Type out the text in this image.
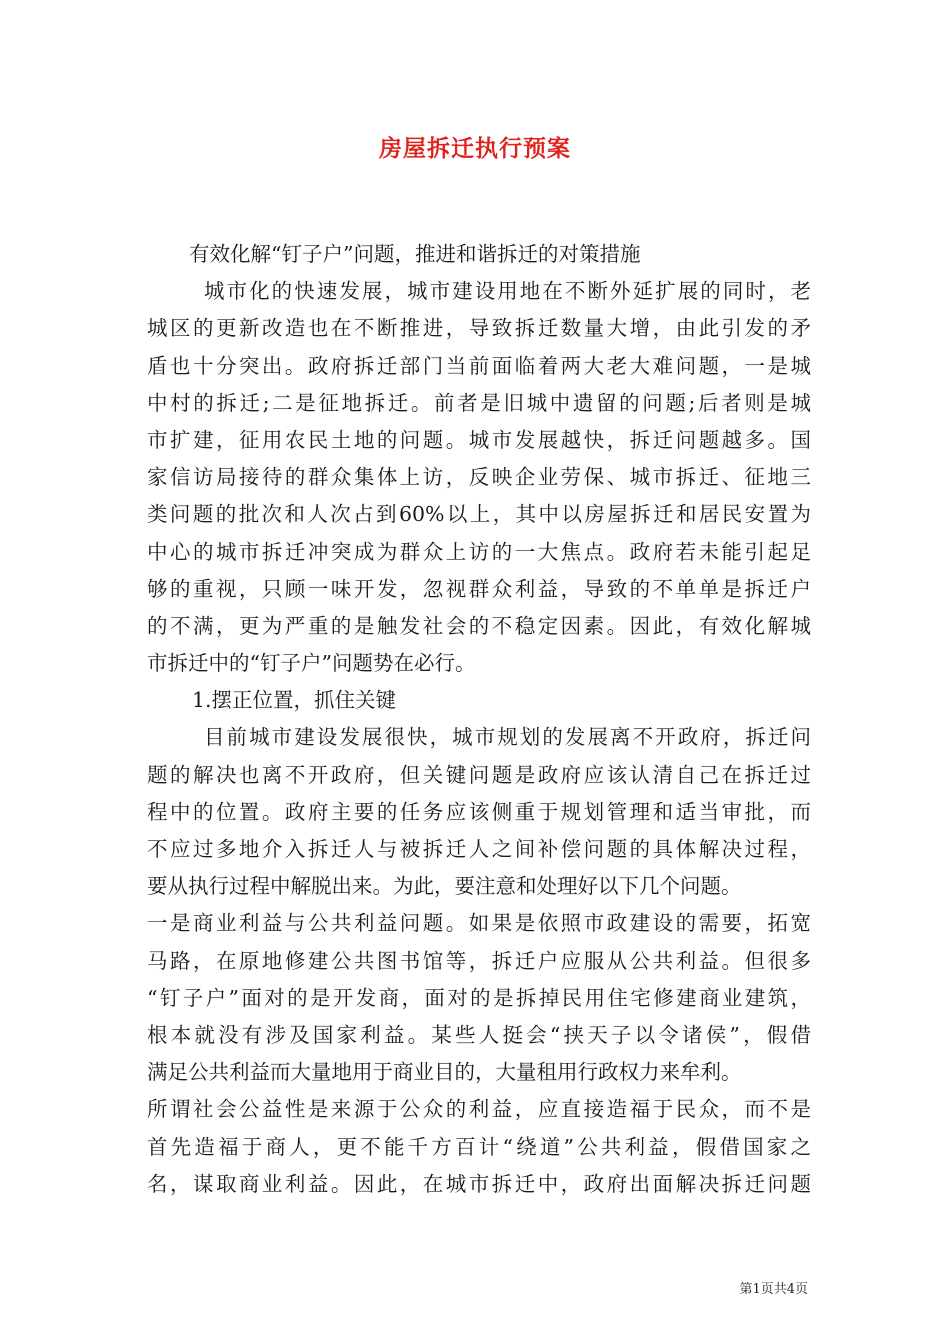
房屋拆迁执行预案
有效化解“钉子户”问题，推进和谐拆迁的对策措施
城市化的快速发展，城市建设用地在不断外延扩展的同时，老
城区的更新改造也在不断推进，导致拆迁数量大增，由此引发的矛
盾也十分突出。政府拆迁部门当前面临着两大老大难问题，一是城
中村的拆迁;二是征地拆迁。前者是旧城中遗留的问题;后者则是城
市扩建，征用农民土地的问题。城市发展越快，拆迁问题越多。国
家信访局接待的群众集体上访，反映企业劳保、城市拆迁、征地三
类问题的批次和人次占到60%以上，其中以房屋拆迁和居民安置为
中心的城市拆迁冲突成为群众上访的一大焦点。政府若未能引起足
够的重视，只顾一味开发，忽视群众利益，导致的不单单是拆迁户
的不满，更为严重的是触发社会的不稳定因素。因此，有效化解城
市拆迁中的“钉子户”问题势在必行。
1.摆正位置，抓住关键
目前城市建设发展很快，城市规划的发展离不开政府，拆迁问
题的解决也离不开政府，但关键问题是政府应该认清自己在拆迁过
程中的位置。政府主要的任务应该侧重于规划管理和适当审批，而
不应过多地介入拆迁人与被拆迁人之间补偿问题的具体解决过程，
要从执行过程中解脱出来。为此，要注意和处理好以下几个问题。
一是商业利益与公共利益问题。如果是依照市政建设的需要，拓宽
马路，在原地修建公共图书馆等，拆迁户应服从公共利益。但很多
“钉子户”面对的是开发商，面对的是拆掉民用住宅修建商业建筑，
根本就没有涉及国家利益。某些人挺会“挟天子以令诸侯”，假借
满足公共利益而大量地用于商业目的，大量租用行政权力来牟利。
所谓社会公益性是来源于公众的利益，应直接造福于民众，而不是
首先造福于商人，更不能千方百计“绕道”公共利益，假借国家之
名，谋取商业利益。因此，在城市拆迁中，政府出面解决拆迁问题
第1页共4页
